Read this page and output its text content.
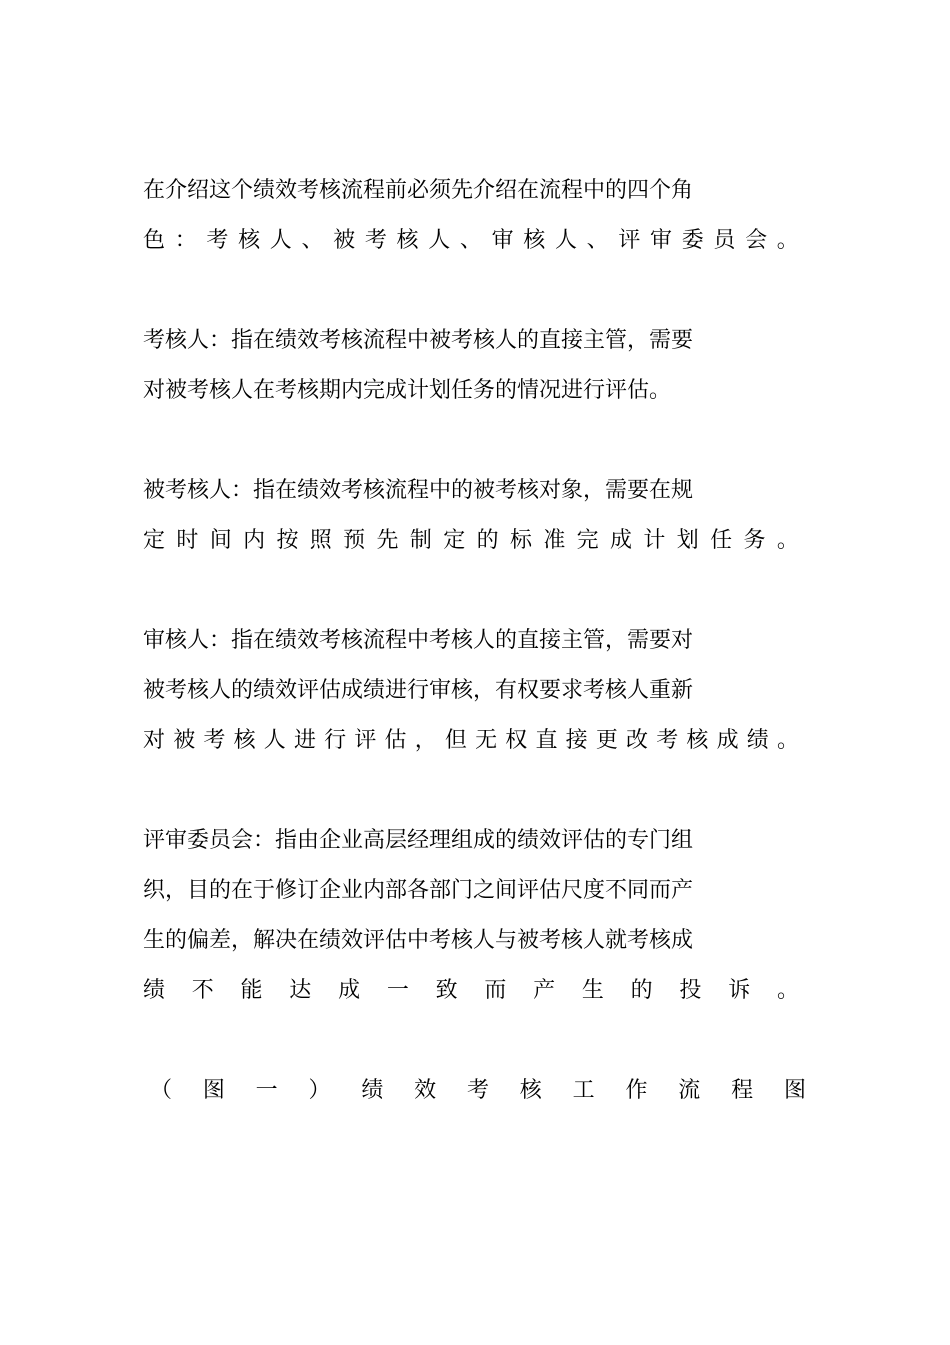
在介绍这个绩效考核流程前必须先介绍在流程中的四个角
色 ： 考 核 人 、 被 考 核 人 、 审 核 人 、 评 审 委 员 会 。
考核人：指在绩效考核流程中被考核人的直接主管，需要
对被考核人在考核期内完成计划任务的情况进行评估。
被考核人：指在绩效考核流程中的被考核对象，需要在规
定 时 间 内 按 照 预 先 制 定 的 标 准 完 成 计 划 任 务 。
审核人：指在绩效考核流程中考核人的直接主管，需要对
被考核人的绩效评估成绩进行审核，有权要求考核人重新
对 被 考 核 人 进 行 评 估 ， 但 无 权 直 接 更 改 考 核 成 绩 。
评审委员会：指由企业高层经理组成的绩效评估的专门组
织，目的在于修订企业内部各部门之间评估尺度不同而产
生的偏差，解决在绩效评估中考核人与被考核人就考核成
绩 不 能 达 成 一 致 而 产 生 的 投 诉 。
（ 图 一 ） 绩 效 考 核 工 作 流 程 图
